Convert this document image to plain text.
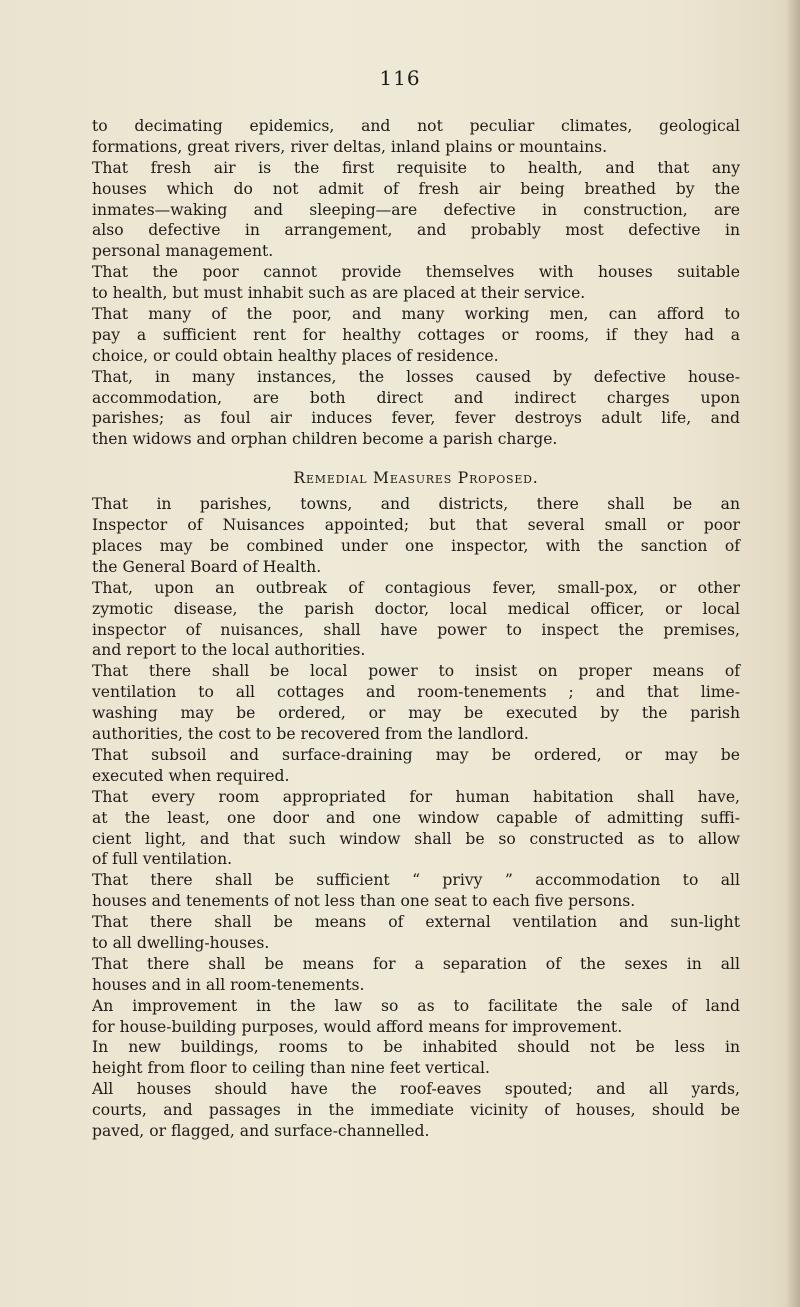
116
to decimating epidemics, and not peculiar climates, geological
formations, great rivers, river deltas, inland plains or mountains.
That fresh air is the first requisite to health, and that any
houses which do not admit of fresh air being breathed by the
inmates—waking and sleeping—are defective in construction, are
also defective in arrangement, and probably most defective in
personal management.
That the poor cannot provide themselves with houses suitable
to health, but must inhabit such as are placed at their service.
That many of the poor, and many working men, can afford to
pay a sufficient rent for healthy cottages or rooms, if they had a
choice, or could obtain healthy places of residence.
That, in many instances, the losses caused by defective house-
accommodation, are both direct and indirect charges upon
parishes; as foul air induces fever, fever destroys adult life, and
then widows and orphan children become a parish charge.
Remedial Measures Proposed.
That in parishes, towns, and districts, there shall be an
Inspector of Nuisances appointed; but that several small or poor
places may be combined under one inspector, with the sanction of
the General Board of Health.
That, upon an outbreak of contagious fever, small-pox, or other
zymotic disease, the parish doctor, local medical officer, or local
inspector of nuisances, shall have power to inspect the premises,
and report to the local authorities.
That there shall be local power to insist on proper means of
ventilation to all cottages and room-tenements ; and that lime-
washing may be ordered, or may be executed by the parish
authorities, the cost to be recovered from the landlord.
That subsoil and surface-draining may be ordered, or may be
executed when required.
That every room appropriated for human habitation shall have,
at the least, one door and one window capable of admitting suffi-
cient light, and that such window shall be so constructed as to allow
of full ventilation.
That there shall be sufficient “ privy ” accommodation to all
houses and tenements of not less than one seat to each five persons.
That there shall be means of external ventilation and sun-light
to all dwelling-houses.
That there shall be means for a separation of the sexes in all
houses and in all room-tenements.
An improvement in the law so as to facilitate the sale of land
for house-building purposes, would afford means for improvement.
In new buildings, rooms to be inhabited should not be less in
height from floor to ceiling than nine feet vertical.
All houses should have the roof-eaves spouted; and all yards,
courts, and passages in the immediate vicinity of houses, should be
paved, or flagged, and surface-channelled.
